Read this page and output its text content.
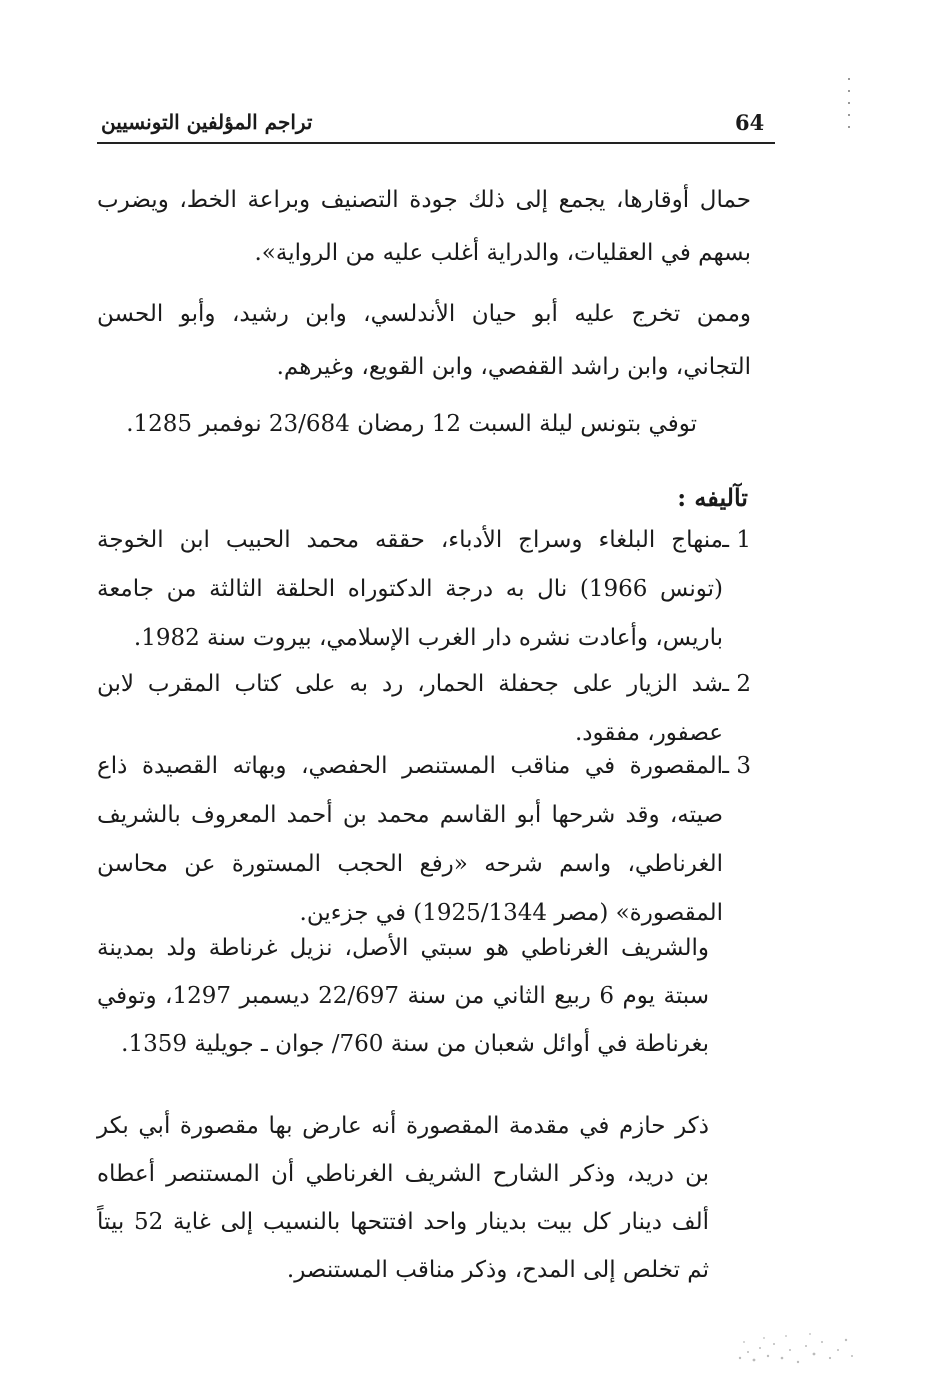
64
تراجم المؤلفين التونسيين
حمال أوقارها، يجمع إلى ذلك جودة التصنيف وبراعة الخط، ويضرب بسهم في العقليات، والدراية أغلب عليه من الرواية».
وممن تخرج عليه أبو حيان الأندلسي، وابن رشيد، وأبو الحسن التجاني، وابن راشد القفصي، وابن القويع، وغيرهم.
توفي بتونس ليلة السبت 12 رمضان 23/684 نوفمبر 1285.
تآليفه :
1 ـ
منهاج البلغاء وسراج الأدباء، حققه محمد الحبيب ابن الخوجة (تونس 1966) نال به درجة الدكتوراه الحلقة الثالثة من جامعة باريس، وأعادت نشره دار الغرب الإسلامي، بيروت سنة 1982.
2 ـ
شد الزيار على جحفلة الحمار، رد به على كتاب المقرب لابن عصفور، مفقود.
3 ـ
المقصورة في مناقب المستنصر الحفصي، وبهاته القصيدة ذاع صيته، وقد شرحها أبو القاسم محمد بن أحمد المعروف بالشريف الغرناطي، واسم شرحه «رفع الحجب المستورة عن محاسن المقصورة» (مصر 1925/1344) في جزءين.
والشريف الغرناطي هو سبتي الأصل، نزيل غرناطة ولد بمدينة سبتة يوم 6 ربيع الثاني من سنة 22/697 ديسمبر 1297، وتوفي بغرناطة في أوائل شعبان من سنة 760/ جوان ـ جويلية 1359.
ذكر حازم في مقدمة المقصورة أنه عارض بها مقصورة أبي بكر بن دريد، وذكر الشارح الشريف الغرناطي أن المستنصر أعطاه ألف دينار كل بيت بدينار واحد افتتحها بالنسيب إلى غاية 52 بيتاً ثم تخلص إلى المدح، وذكر مناقب المستنصر.
